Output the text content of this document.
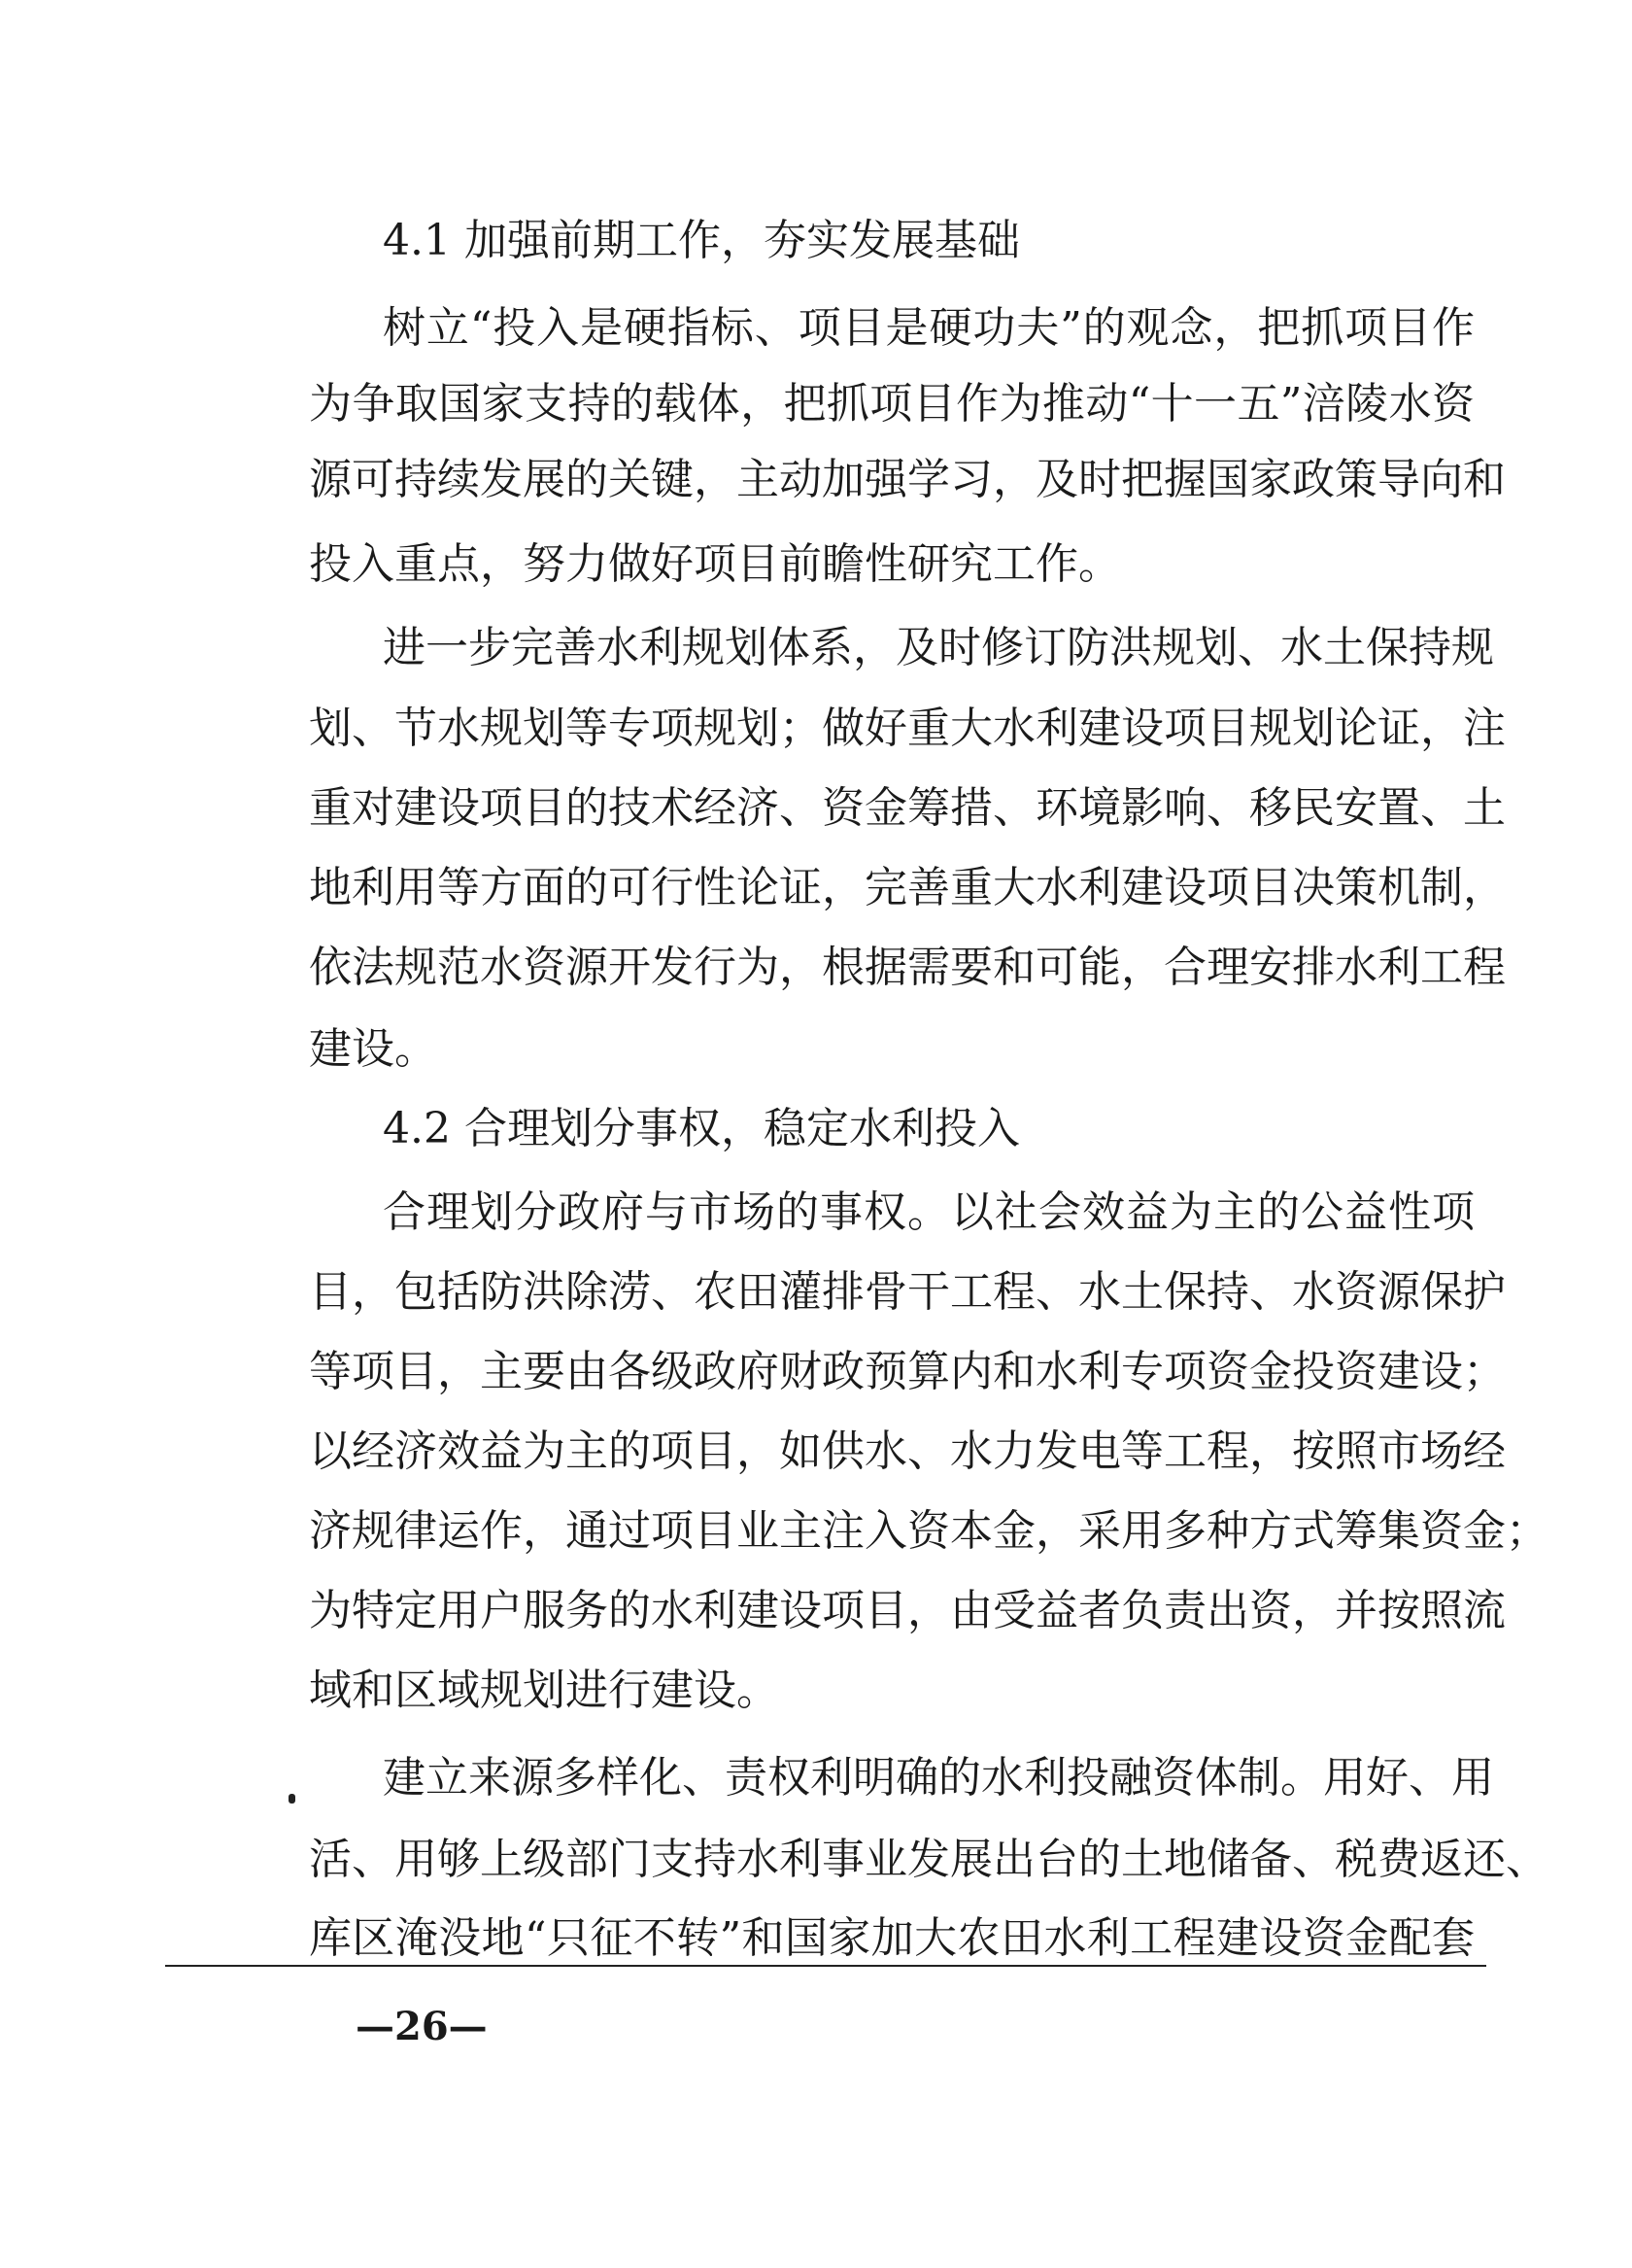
4.1 加强前期工作，夯实发展基础
树立“投入是硬指标、项目是硬功夫”的观念，把抓项目作
为争取国家支持的载体，把抓项目作为推动“十一五”涪陵水资
源可持续发展的关键，主动加强学习，及时把握国家政策导向和
投入重点，努力做好项目前瞻性研究工作。
进一步完善水利规划体系，及时修订防洪规划、水土保持规
划、节水规划等专项规划；做好重大水利建设项目规划论证，注
重对建设项目的技术经济、资金筹措、环境影响、移民安置、土
地利用等方面的可行性论证，完善重大水利建设项目决策机制，
依法规范水资源开发行为，根据需要和可能，合理安排水利工程
建设。
4.2 合理划分事权，稳定水利投入
合理划分政府与市场的事权。以社会效益为主的公益性项
目，包括防洪除涝、农田灌排骨干工程、水土保持、水资源保护
等项目，主要由各级政府财政预算内和水利专项资金投资建设；
以经济效益为主的项目，如供水、水力发电等工程，按照市场经
济规律运作，通过项目业主注入资本金，采用多种方式筹集资金；
为特定用户服务的水利建设项目，由受益者负责出资，并按照流
域和区域规划进行建设。
建立来源多样化、责权利明确的水利投融资体制。用好、用
活、用够上级部门支持水利事业发展出台的土地储备、税费返还、
库区淹没地“只征不转”和国家加大农田水利工程建设资金配套
—26—
